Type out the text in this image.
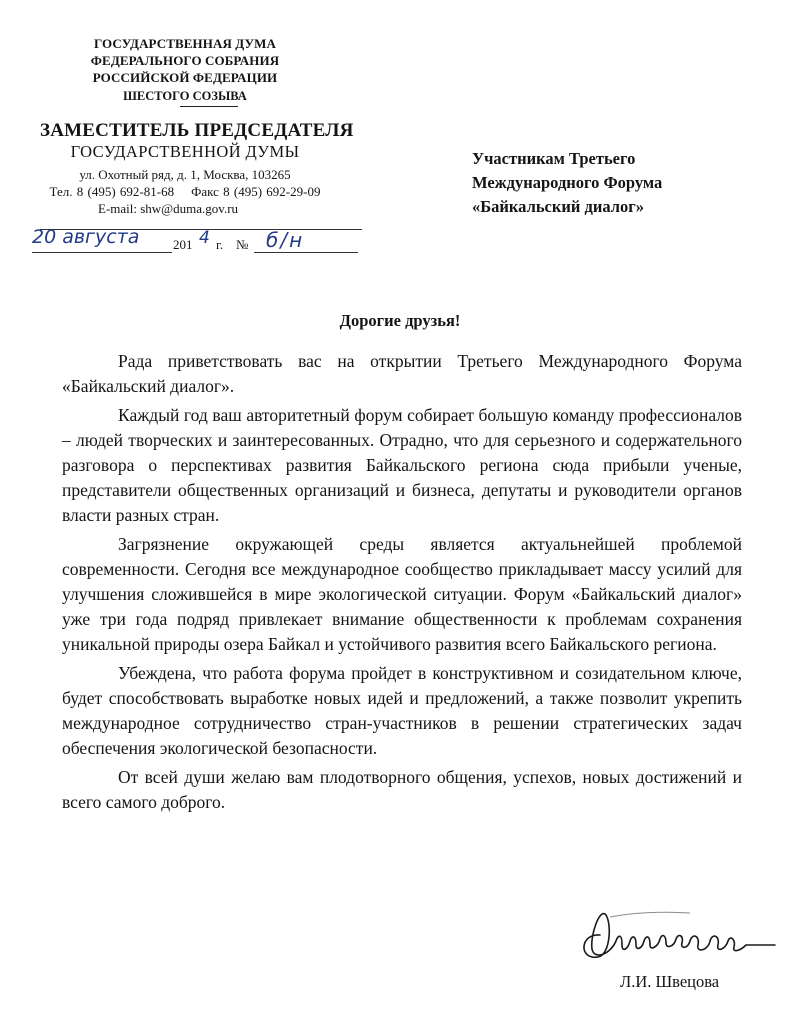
ГОСУДАРСТВЕННАЯ ДУМА
ФЕДЕРАЛЬНОГО СОБРАНИЯ
РОССИЙСКОЙ ФЕДЕРАЦИИ
ШЕСТОГО СОЗЫВА
ЗАМЕСТИТЕЛЬ ПРЕДСЕДАТЕЛЯ
ГОСУДАРСТВЕННОЙ ДУМЫ
ул. Охотный ряд, д. 1, Москва, 103265
Тел. 8 (495) 692-81-68 Факс 8 (495) 692-29-09
E-mail: shw@duma.gov.ru
20 августа	201 4 г. № б/н
Участникам Третьего
Международного Форума
«Байкальский диалог»
Дорогие друзья!

Рада приветствовать вас на открытии Третьего Международного Форума «Байкальский диалог».

Каждый год ваш авторитетный форум собирает большую команду профессионалов – людей творческих и заинтересованных. Отрадно, что для серьезного и содержательного разговора о перспективах развития Байкальского региона сюда прибыли ученые, представители общественных организаций и бизнеса, депутаты и руководители органов власти разных стран.

Загрязнение окружающей среды является актуальнейшей проблемой современности. Сегодня все международное сообщество прикладывает массу усилий для улучшения сложившейся в мире экологической ситуации. Форум «Байкальский диалог» уже три года подряд привлекает внимание общественности к проблемам сохранения уникальной природы озера Байкал и устойчивого развития всего Байкальского региона.

Убеждена, что работа форума пройдет в конструктивном и созидательном ключе, будет способствовать выработке новых идей и предложений, а также позволит укрепить международное сотрудничество стран-участников в решении стратегических задач обеспечения экологической безопасности.

От всей души желаю вам плодотворного общения, успехов, новых достижений и всего самого доброго.

Л.И. Швецова
